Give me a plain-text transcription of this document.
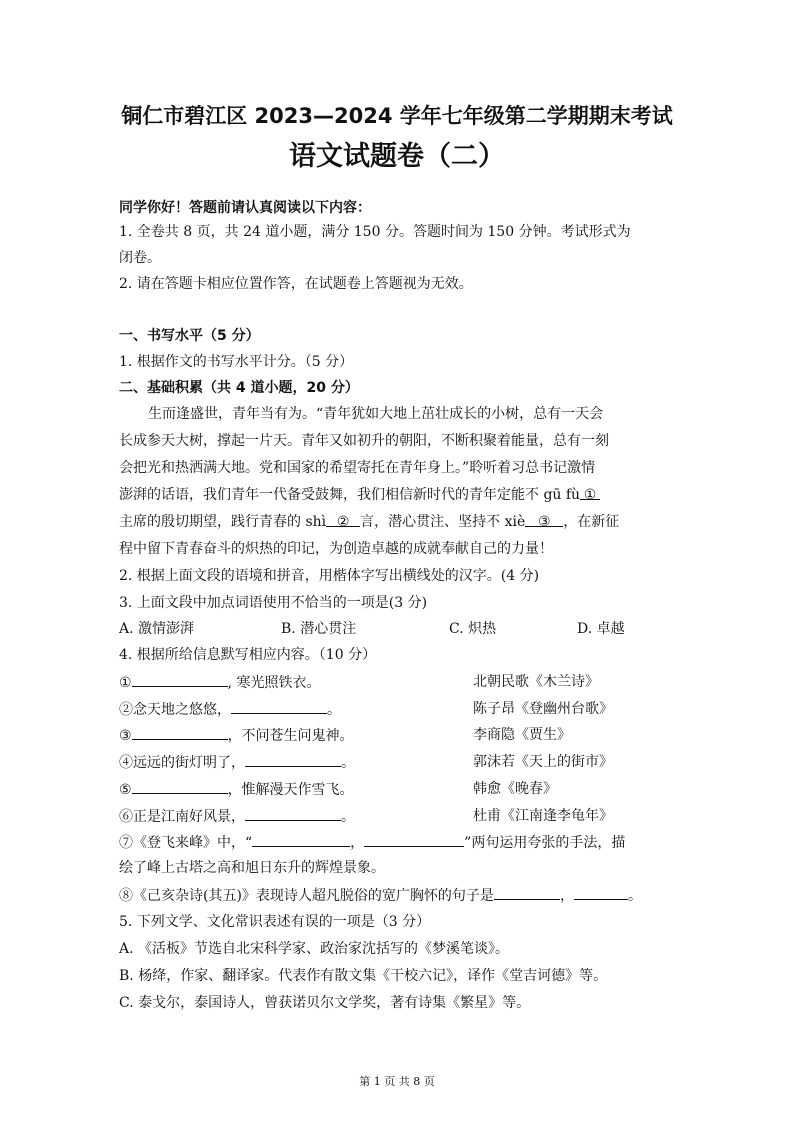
铜仁市碧江区 2023—2024 学年七年级第二学期期末考试
语文试题卷（二）
同学你好！答题前请认真阅读以下内容：
1. 全卷共 8 页，共 24 道小题，满分 150 分。答题时间为 150 分钟。考试形式为
闭卷。
2. 请在答题卡相应位置作答，在试题卷上答题视为无效。
一、书写水平（5 分）
1. 根据作文的书写水平计分。（5 分）
二、基础积累（共 4 道小题，20 分）
生而逢盛世，青年当有为。“青年犹如大地上茁壮成长的小树，总有一天会
长成参天大树，撑起一片天。青年又如初升的朝阳，不断积聚着能量，总有一刻
会把光和热洒满大地。党和国家的希望寄托在青年身上。”聆听着习总书记激情
澎湃的话语，我们青年一代备受鼓舞，我们相信新时代的青年定能不 gū fù ①
主席的殷切期望，践行青春的 shì ② 言，潜心贯注、坚持不 xiè ③ ，在新征
程中留下青春奋斗的炽热的印记，为创造卓越的成就奉献自己的力量！
2. 根据上面文段的语境和拼音，用楷体字写出横线处的汉字。(4 分)
3. 上面文段中加点词语使用不恰当的一项是(3 分)
A. 激情澎湃	B. 潜心贯注	C. 炽热	D. 卓越
4. 根据所给信息默写相应内容。（10 分）
①	, 寒光照铁衣。	北朝民歌《木兰诗》
②念天地之悠悠，	。	陈子昂《登幽州台歌》
③	，不问苍生问鬼神。	李商隐《贾生》
④远远的街灯明了，	。	郭沫若《天上的街市》
⑤	，惟解漫天作雪飞。	韩愈《晚春》
⑥正是江南好风景，	。	杜甫《江南逢李龟年》
⑦《登飞来峰》中，“	，	”两句运用夸张的手法，描
绘了峰上古塔之高和旭日东升的辉煌景象。
⑧《己亥杂诗(其五)》表现诗人超凡脱俗的宽广胸怀的句子是	，	。
5. 下列文学、文化常识表述有误的一项是（3 分）
A. 《活板》节选自北宋科学家、政治家沈括写的《梦溪笔谈》。
B. 杨绛，作家、翻译家。代表作有散文集《干校六记》，译作《堂吉诃德》等。
C. 泰戈尔，泰国诗人，曾获诺贝尔文学奖，著有诗集《繁星》等。
第 1 页 共 8 页
